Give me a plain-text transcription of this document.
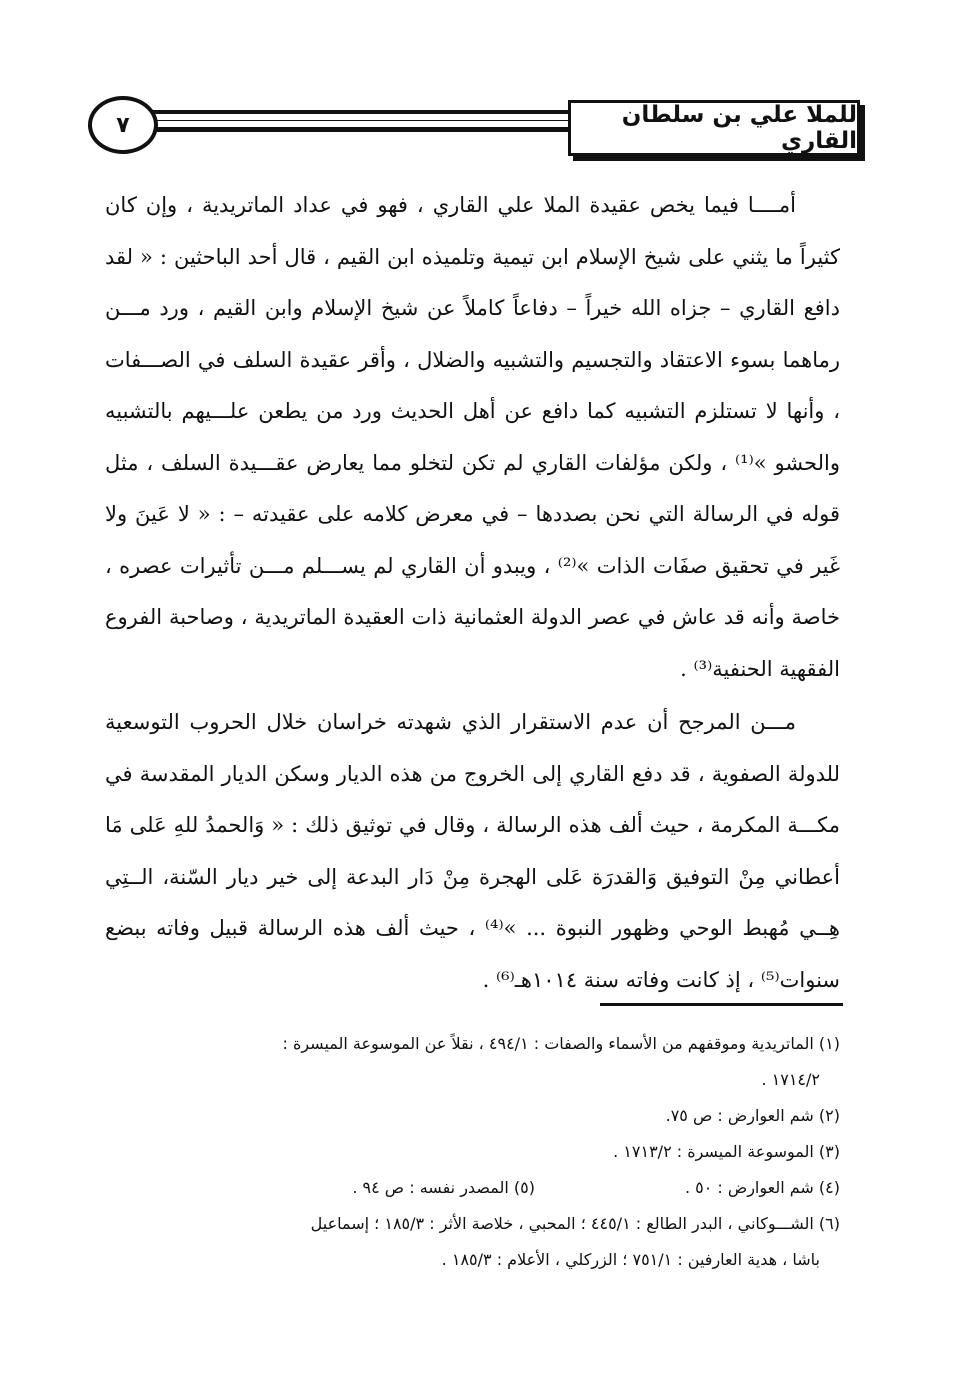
للملا علي بن سلطان القاري
٧

أمــــا فيما يخص عقيدة الملا علي القاري ، فهو في عداد الماتريدية ، وإن كان كثيراً ما يثني على شيخ الإسلام ابن تيمية وتلميذه ابن القيم ، قال أحد الباحثين : « لقد دافع القاري – جزاه الله خيراً – دفاعاً كاملاً عن شيخ الإسلام وابن القيم ، ورد مـــن رماهما بسوء الاعتقاد والتجسيم والتشبيه والضلال ، وأقر عقيدة السلف في الصـــفات ، وأنها لا تستلزم التشبيه كما دافع عن أهل الحديث ورد من يطعن علـــيهم بالتشبيه والحشو »⁽¹⁾ ، ولكن مؤلفات القاري لم تكن لتخلو مما يعارض عقـــيدة السلف ، مثل قوله في الرسالة التي نحن بصددها – في معرض كلامه على عقيدته – : « لا عَينَ ولا غَير في تحقيق صفَات الذات »⁽²⁾ ، ويبدو أن القاري لم يســـلم مـــن تأثيرات عصره ، خاصة وأنه قد عاش في عصر الدولة العثمانية ذات العقيدة الماتريدية ، وصاحبة الفروع الفقهية الحنفية⁽³⁾ .

مـــن المرجح أن عدم الاستقرار الذي شهدته خراسان خلال الحروب التوسعية للدولة الصفوية ، قد دفع القاري إلى الخروج من هذه الديار وسكن الديار المقدسة في مكـــة المكرمة ، حيث ألف هذه الرسالة ، وقال في توثيق ذلك : « وَالحمدُ للهِ عَلى مَا أعطاني مِنْ التوفيق وَالقدرَة عَلى الهجرة مِنْ دَار البدعة إلى خير ديار السّنة، الــتِي هِــي مُهبط الوحي وظهور النبوة ... »⁽⁴⁾ ، حيث ألف هذه الرسالة قبيل وفاته ببضع سنوات⁽⁵⁾ ، إذ كانت وفاته سنة ١٠١٤هـ⁽⁶⁾ .

(١) الماتريدية وموقفهم من الأسماء والصفات : ٤٩٤/١ ، نقلاً عن الموسوعة الميسرة :
١٧١٤/٢ .
(٢) شم العوارض : ص ٧٥.
(٣) الموسوعة الميسرة : ١٧١٣/٢ .
(٤) شم العوارض : ٥٠ .
(٥) المصدر نفسه : ص ٩٤ .
(٦) الشـــوكاني ، البدر الطالع : ٤٤٥/١ ؛ المحبي ، خلاصة الأثر : ١٨٥/٣ ؛ إسماعيل
باشا ، هدية العارفين : ٧٥١/١ ؛ الزركلي ، الأعلام : ١٨٥/٣ .
